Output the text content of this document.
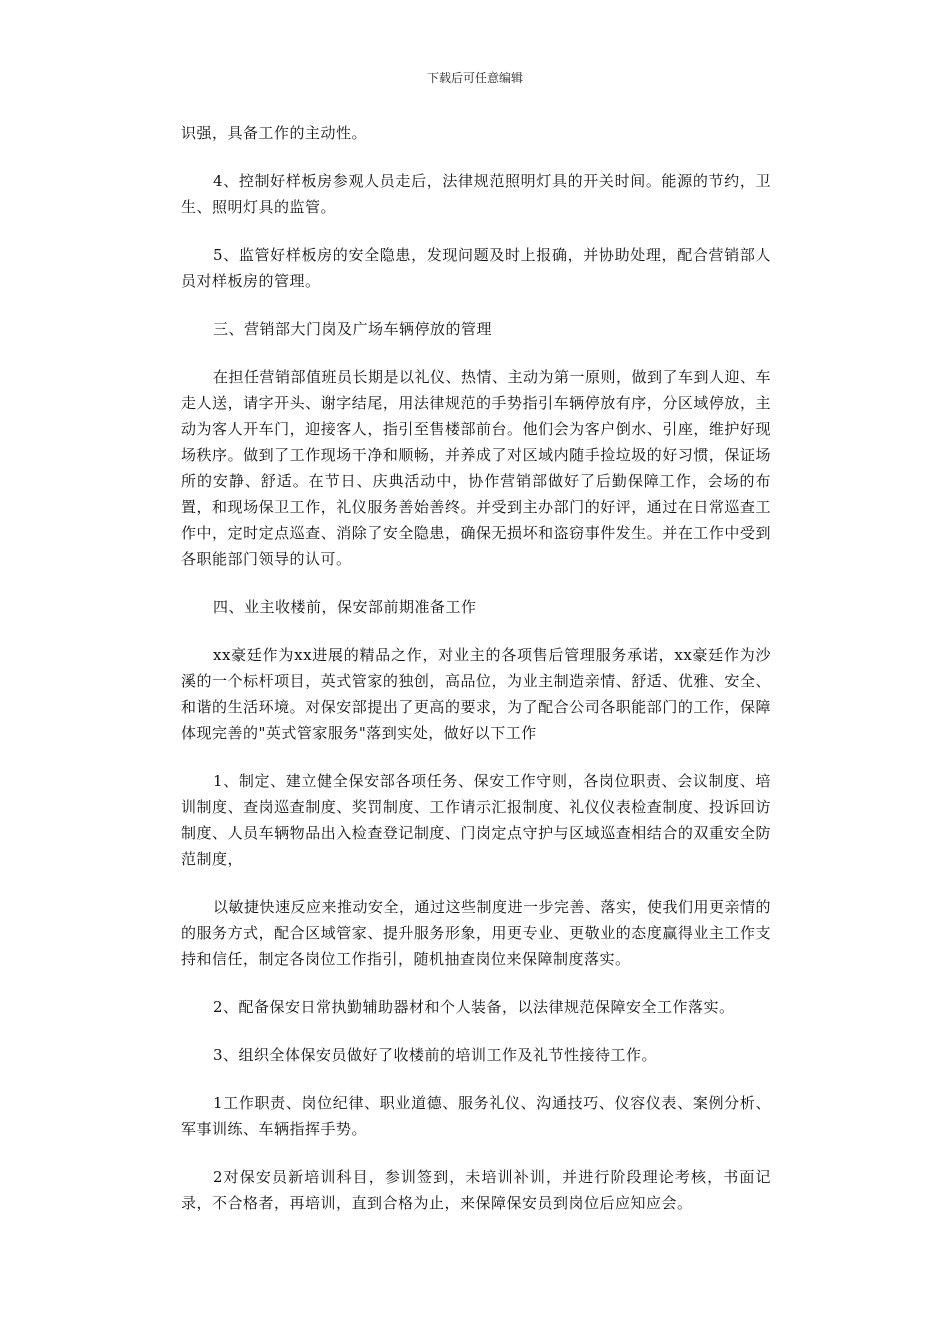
下载后可任意编辑

识强，具备工作的主动性。

4、控制好样板房参观人员走后，法律规范照明灯具的开关时间。能源的节约，卫生、照明灯具的监管。

5、监管好样板房的安全隐患，发现问题及时上报确，并协助处理，配合营销部人员对样板房的管理。

三、营销部大门岗及广场车辆停放的管理

在担任营销部值班员长期是以礼仪、热情、主动为第一原则，做到了车到人迎、车走人送，请字开头、谢字结尾，用法律规范的手势指引车辆停放有序，分区域停放，主动为客人开车门，迎接客人，指引至售楼部前台。他们会为客户倒水、引座，维护好现场秩序。做到了工作现场干净和顺畅，并养成了对区域内随手捡垃圾的好习惯，保证场所的安静、舒适。在节日、庆典活动中，协作营销部做好了后勤保障工作，会场的布置，和现场保卫工作，礼仪服务善始善终。并受到主办部门的好评，通过在日常巡查工作中，定时定点巡查、消除了安全隐患，确保无损坏和盗窃事件发生。并在工作中受到各职能部门领导的认可。

四、业主收楼前，保安部前期准备工作

xx豪廷作为xx进展的精品之作，对业主的各项售后管理服务承诺，xx豪廷作为沙溪的一个标杆项目，英式管家的独创，高品位，为业主制造亲情、舒适、优雅、安全、和谐的生活环境。对保安部提出了更高的要求，为了配合公司各职能部门的工作，保障体现完善的"英式管家服务"落到实处，做好以下工作

1、制定、建立健全保安部各项任务、保安工作守则，各岗位职责、会议制度、培训制度、查岗巡查制度、奖罚制度、工作请示汇报制度、礼仪仪表检查制度、投诉回访制度、人员车辆物品出入检查登记制度、门岗定点守护与区域巡查相结合的双重安全防范制度，

以敏捷快速反应来推动安全，通过这些制度进一步完善、落实，使我们用更亲情的的服务方式，配合区域管家、提升服务形象，用更专业、更敬业的态度赢得业主工作支持和信任，制定各岗位工作指引，随机抽查岗位来保障制度落实。

2、配备保安日常执勤辅助器材和个人装备，以法律规范保障安全工作落实。

3、组织全体保安员做好了收楼前的培训工作及礼节性接待工作。

1工作职责、岗位纪律、职业道德、服务礼仪、沟通技巧、仪容仪表、案例分析、军事训练、车辆指挥手势。

2对保安员新培训科目，参训签到，未培训补训，并进行阶段理论考核，书面记录，不合格者，再培训，直到合格为止，来保障保安员到岗位后应知应会。
